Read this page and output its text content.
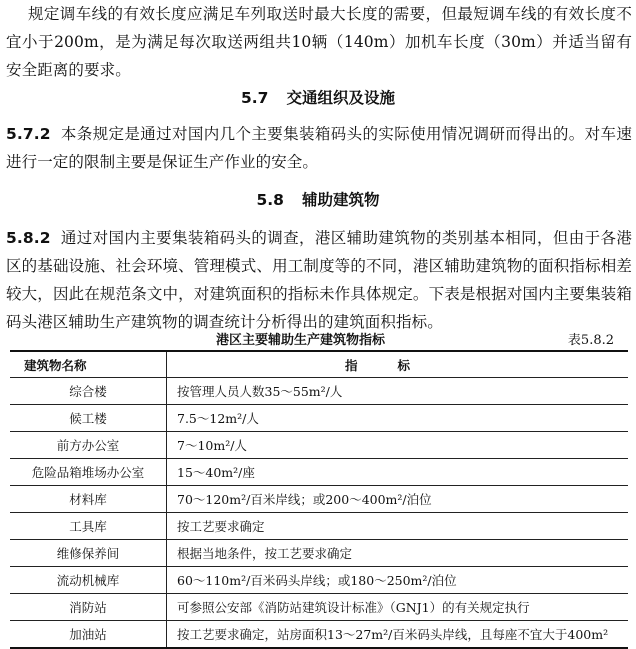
规定调车线的有效长度应满足车列取送时最大长度的需要，但最短调车线的有效长度不宜小于200m，是为满足每次取送两组共10辆（140m）加机车长度（30m）并适当留有安全距离的要求。

5.7 交通组织及设施

5.7.2 本条规定是通过对国内几个主要集装箱码头的实际使用情况调研而得出的。对车速进行一定的限制主要是保证生产作业的安全。

5.8 辅助建筑物

5.8.2 通过对国内主要集装箱码头的调查，港区辅助建筑物的类别基本相同，但由于各港区的基础设施、社会环境、管理模式、用工制度等的不同，港区辅助建筑物的面积指标相差较大，因此在规范条文中，对建筑面积的指标未作具体规定。下表是根据对国内主要集装箱码头港区辅助生产建筑物的调查统计分析得出的建筑面积指标。

港区主要辅助生产建筑物指标	表5.8.2

建筑物名称	指标
综合楼	按管理人员人数35～55m²/人
候工楼	7.5～12m²/人
前方办公室	7～10m²/人
危险品箱堆场办公室	15～40m²/座
材料库	70～120m²/百米岸线；或200～400m²/泊位
工具库	按工艺要求确定
维修保养间	根据当地条件，按工艺要求确定
流动机械库	60～110m²/百米码头岸线；或180～250m²/泊位
消防站	可参照公安部《消防站建筑设计标准》（GNJ1）的有关规定执行
加油站	按工艺要求确定，站房面积13～27m²/百米码头岸线，且每座不宜大于400m²
